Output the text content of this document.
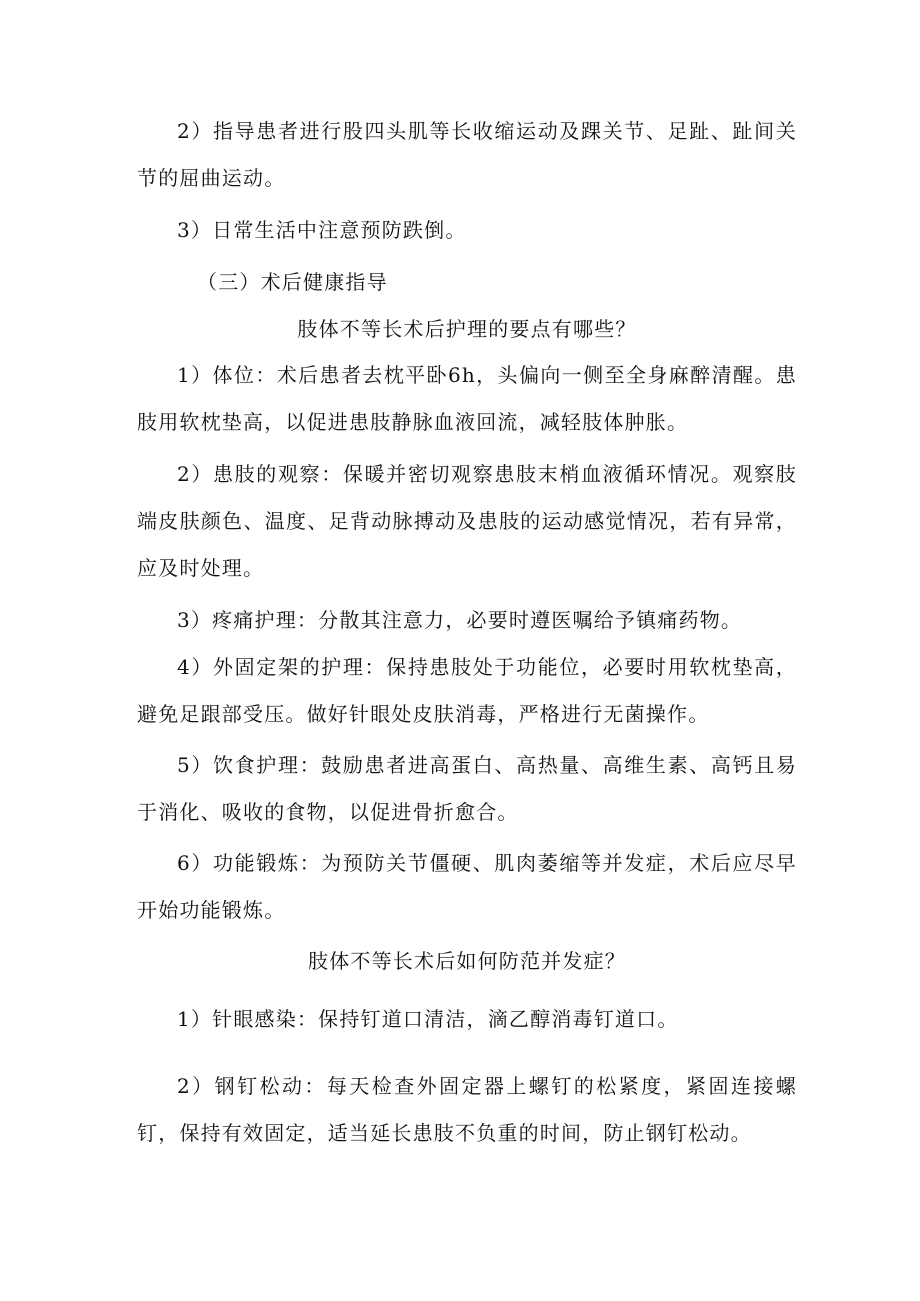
2）指导患者进行股四头肌等长收缩运动及踝关节、足趾、趾间关节的屈曲运动。

3）日常生活中注意预防跌倒。

（三）术后健康指导

肢体不等长术后护理的要点有哪些？

1）体位：术后患者去枕平卧6h，头偏向一侧至全身麻醉清醒。患肢用软枕垫高，以促进患肢静脉血液回流，减轻肢体肿胀。

2）患肢的观察：保暖并密切观察患肢末梢血液循环情况。观察肢端皮肤颜色、温度、足背动脉搏动及患肢的运动感觉情况，若有异常，应及时处理。

3）疼痛护理：分散其注意力，必要时遵医嘱给予镇痛药物。

4）外固定架的护理：保持患肢处于功能位，必要时用软枕垫高，避免足跟部受压。做好针眼处皮肤消毒，严格进行无菌操作。

5）饮食护理：鼓励患者进高蛋白、高热量、高维生素、高钙且易于消化、吸收的食物，以促进骨折愈合。

6）功能锻炼：为预防关节僵硬、肌肉萎缩等并发症，术后应尽早开始功能锻炼。

肢体不等长术后如何防范并发症？

1）针眼感染：保持钉道口清洁，滴乙醇消毒钉道口。

2）钢钉松动：每天检查外固定器上螺钉的松紧度，紧固连接螺钉，保持有效固定，适当延长患肢不负重的时间，防止钢钉松动。
